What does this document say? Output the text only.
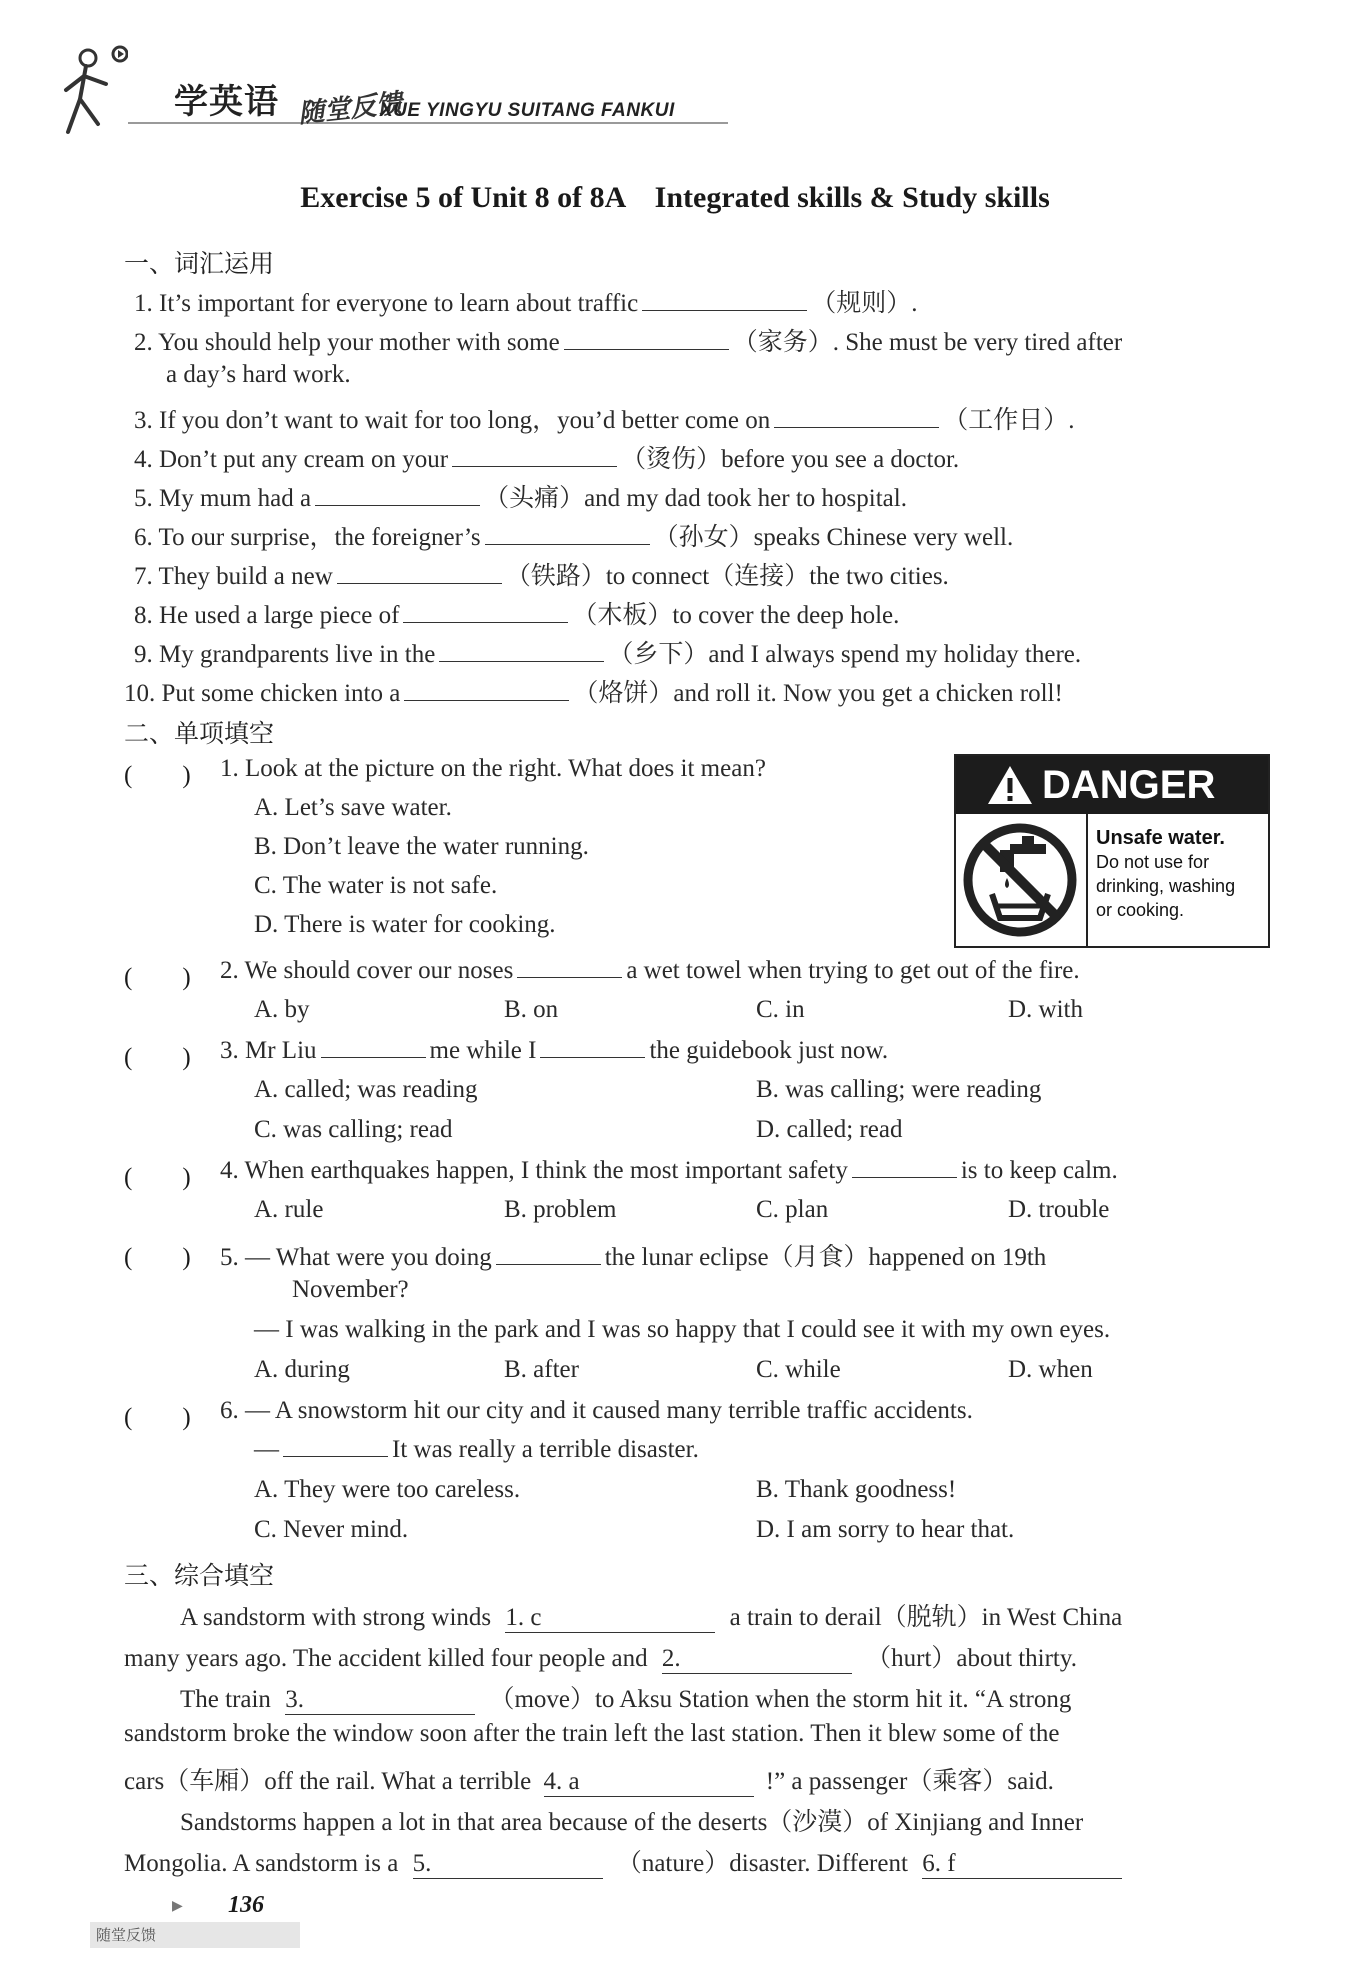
学英语 随堂反馈
XUE YINGYU SUITANG FANKUI
Exercise 5 of Unit 8 of 8A　Integrated skills & Study skills
一、词汇运用
1. It’s important for everyone to learn about traffic	（规则）.
2. You should help your mother with some	（家务）. She must be very tired after
a day’s hard work.
3. If you don’t want to wait for too long，you’d better come on	（工作日）.
4. Don’t put any cream on your	（烫伤）before you see a doctor.
5. My mum had a	（头痛）and my dad took her to hospital.
6. To our surprise，the foreigner’s	（孙女）speaks Chinese very well.
7. They build a new	（铁路）to connect（连接）the two cities.
8. He used a large piece of	（木板）to cover the deep hole.
9. My grandparents live in the	（乡下）and I always spend my holiday there.
10. Put some chicken into a	（烙饼）and roll it. Now you get a chicken roll!
二、单项填空
(　　) 1. Look at the picture on the right. What does it mean?
A. Let’s save water.
B. Don’t leave the water running.
C. The water is not safe.
D. There is water for cooking.
DANGER
Unsafe water.
Do not use for
drinking, washing
or cooking.
(　　) 2. We should cover our noses	a wet towel when trying to get out of the fire.
A. by	B. on	C. in	D. with
(　　) 3. Mr Liu	me while I	the guidebook just now.
A. called; was reading	B. was calling; were reading
C. was calling; read	D. called; read
(　　) 4. When earthquakes happen, I think the most important safety	is to keep calm.
A. rule	B. problem	C. plan	D. trouble
(　　) 5. — What were you doing	the lunar eclipse（月食）happened on 19th
November?
— I was walking in the park and I was so happy that I could see it with my own eyes.
A. during	B. after	C. while	D. when
(　　) 6. — A snowstorm hit our city and it caused many terrible traffic accidents.
—	It was really a terrible disaster.
A. They were too careless.	B. Thank goodness!
C. Never mind.	D. I am sorry to hear that.
三、综合填空
A sandstorm with strong winds 1. c	a train to derail（脱轨）in West China
many years ago. The accident killed four people and 2.	（hurt）about thirty.
The train 3.	（move）to Aksu Station when the storm hit it. “A strong
sandstorm broke the window soon after the train left the last station. Then it blew some of the
cars（车厢）off the rail. What a terrible 4. a	!” a passenger（乘客）said.
Sandstorms happen a lot in that area because of the deserts（沙漠）of Xinjiang and Inner
Mongolia. A sandstorm is a 5.	（nature）disaster. Different 6. f
▶ 136
随堂反馈
